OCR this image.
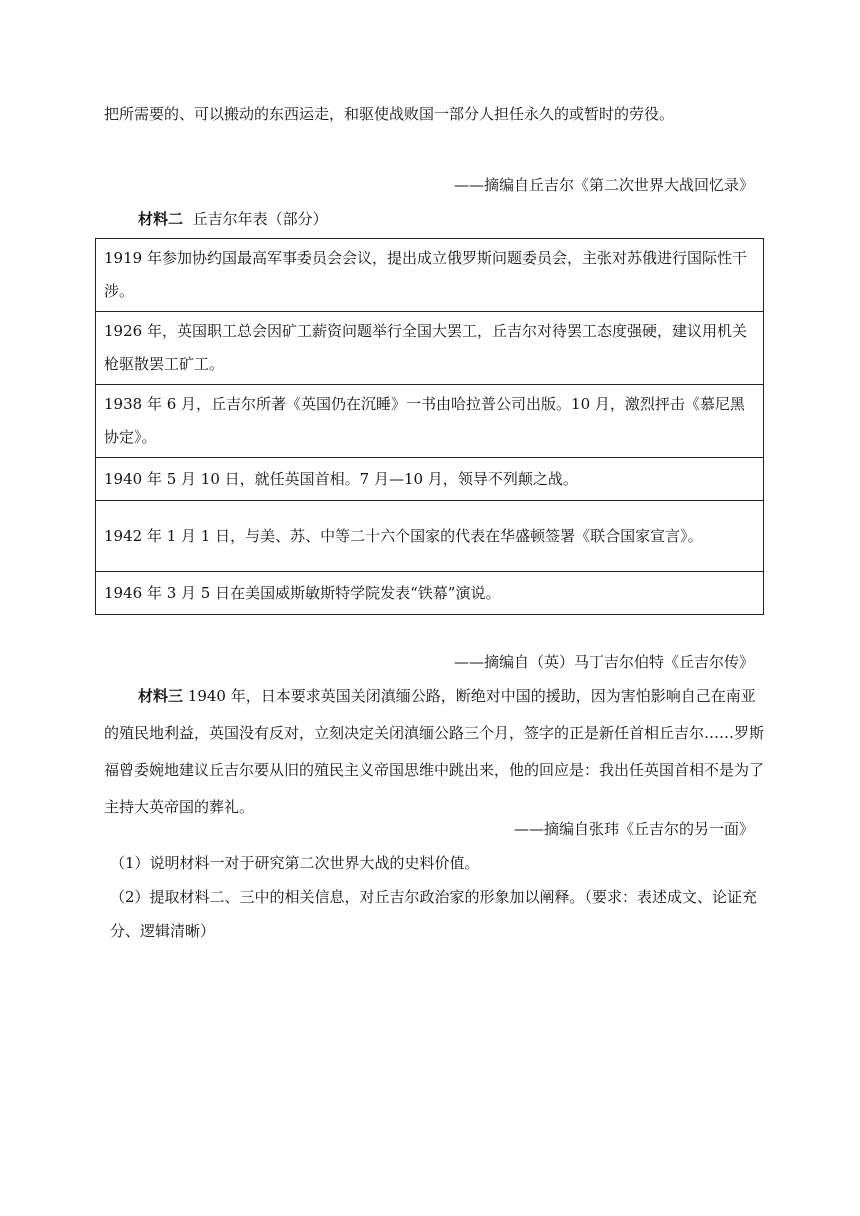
把所需要的、可以搬动的东西运走，和驱使战败国一部分人担任永久的或暂时的劳役。

——摘编自丘吉尔《第二次世界大战回忆录》

材料二 丘吉尔年表（部分）

1919 年参加协约国最高军事委员会会议，提出成立俄罗斯问题委员会，主张对苏俄进行国际性干涉。
1926 年，英国职工总会因矿工薪资问题举行全国大罢工，丘吉尔对待罢工态度强硬，建议用机关枪驱散罢工矿工。
1938 年 6 月，丘吉尔所著《英国仍在沉睡》一书由哈拉普公司出版。10 月，激烈抨击《慕尼黑协定》。
1940 年 5 月 10 日，就任英国首相。7 月—10 月，领导不列颠之战。
1942 年 1 月 1 日，与美、苏、中等二十六个国家的代表在华盛顿签署《联合国家宣言》。
1946 年 3 月 5 日在美国威斯敏斯特学院发表“铁幕”演说。

——摘编自（英）马丁吉尔伯特《丘吉尔传》

材料三 1940 年，日本要求英国关闭滇缅公路，断绝对中国的援助，因为害怕影响自己在南亚的殖民地利益，英国没有反对，立刻决定关闭滇缅公路三个月，签字的正是新任首相丘吉尔……罗斯福曾委婉地建议丘吉尔要从旧的殖民主义帝国思维中跳出来，他的回应是：我出任英国首相不是为了主持大英帝国的葬礼。

——摘编自张玮《丘吉尔的另一面》

（1）说明材料一对于研究第二次世界大战的史料价值。

（2）提取材料二、三中的相关信息，对丘吉尔政治家的形象加以阐释。（要求：表述成文、论证充分、逻辑清晰）
